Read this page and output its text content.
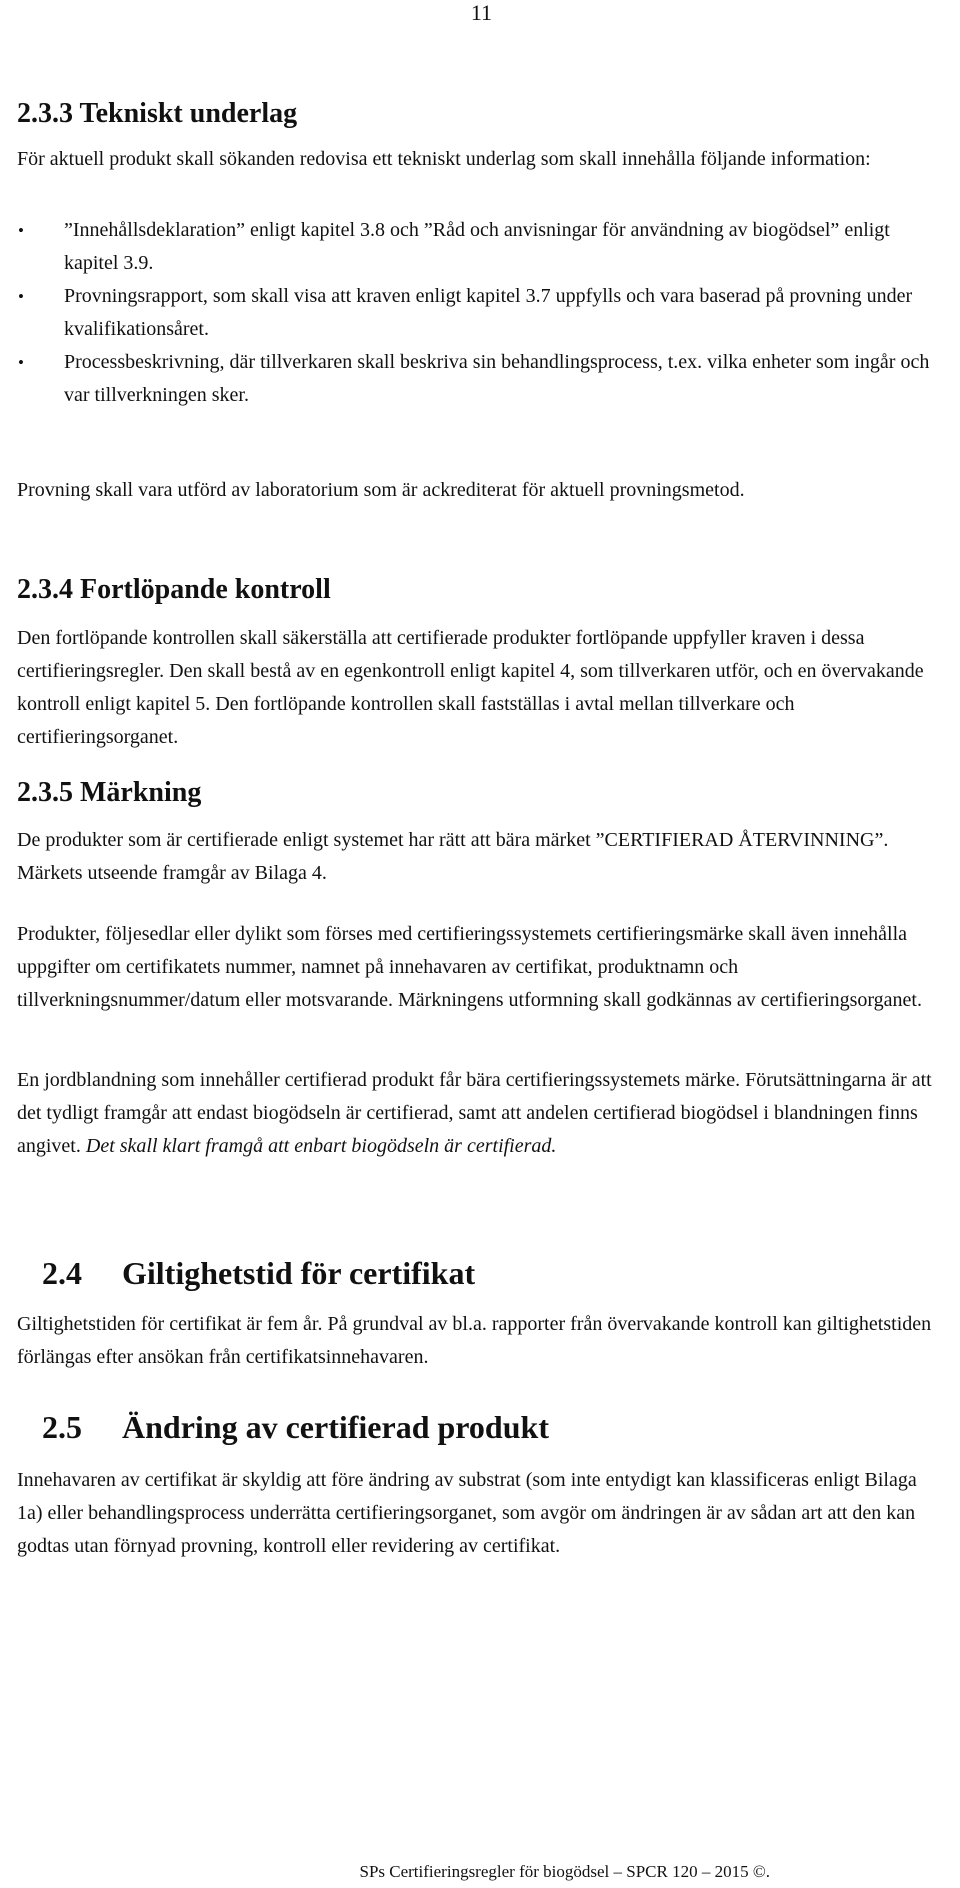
11
2.3.3 Tekniskt underlag

För aktuell produkt skall sökanden redovisa ett tekniskt underlag som skall innehålla följande information:

• ”Innehållsdeklaration” enligt kapitel 3.8 och ”Råd och anvisningar för användning av biogödsel” enligt kapitel 3.9.
• Provningsrapport, som skall visa att kraven enligt kapitel 3.7 uppfylls och vara baserad på provning under kvalifikationsåret.
• Processbeskrivning, där tillverkaren skall beskriva sin behandlingsprocess, t.ex. vilka enheter som ingår och var tillverkningen sker.

Provning skall vara utförd av laboratorium som är ackrediterat för aktuell provningsmetod.

2.3.4 Fortlöpande kontroll

Den fortlöpande kontrollen skall säkerställa att certifierade produkter fortlöpande uppfyller kraven i dessa certifieringsregler. Den skall bestå av en egenkontroll enligt kapitel 4, som tillverkaren utför, och en övervakande kontroll enligt kapitel 5. Den fortlöpande kontrollen skall fastställas i avtal mellan tillverkare och certifieringsorganet.

2.3.5 Märkning

De produkter som är certifierade enligt systemet har rätt att bära märket ”CERTIFIERAD ÅTERVINNING”. Märkets utseende framgår av Bilaga 4.

Produkter, följesedlar eller dylikt som förses med certifieringssystemets certifieringsmärke skall även innehålla uppgifter om certifikatets nummer, namnet på innehavaren av certifikat, produktnamn och tillverkningsnummer/datum eller motsvarande. Märkningens utformning skall godkännas av certifieringsorganet.

En jordblandning som innehåller certifierad produkt får bära certifieringssystemets märke. Förutsättningarna är att det tydligt framgår att endast biogödseln är certifierad, samt att andelen certifierad biogödsel i blandningen finns angivet. Det skall klart framgå att enbart biogödseln är certifierad.

2.4 Giltighetstid för certifikat

Giltighetstiden för certifikat är fem år. På grundval av bl.a. rapporter från övervakande kontroll kan giltighetstiden förlängas efter ansökan från certifikatsinnehavaren.

2.5 Ändring av certifierad produkt

Innehavaren av certifikat är skyldig att före ändring av substrat (som inte entydigt kan klassificeras enligt Bilaga 1a) eller behandlingsprocess underrätta certifieringsorganet, som avgör om ändringen är av sådan art att den kan godtas utan förnyad provning, kontroll eller revidering av certifikat.

SPs Certifieringsregler för biogödsel – SPCR 120 – 2015 ©.
